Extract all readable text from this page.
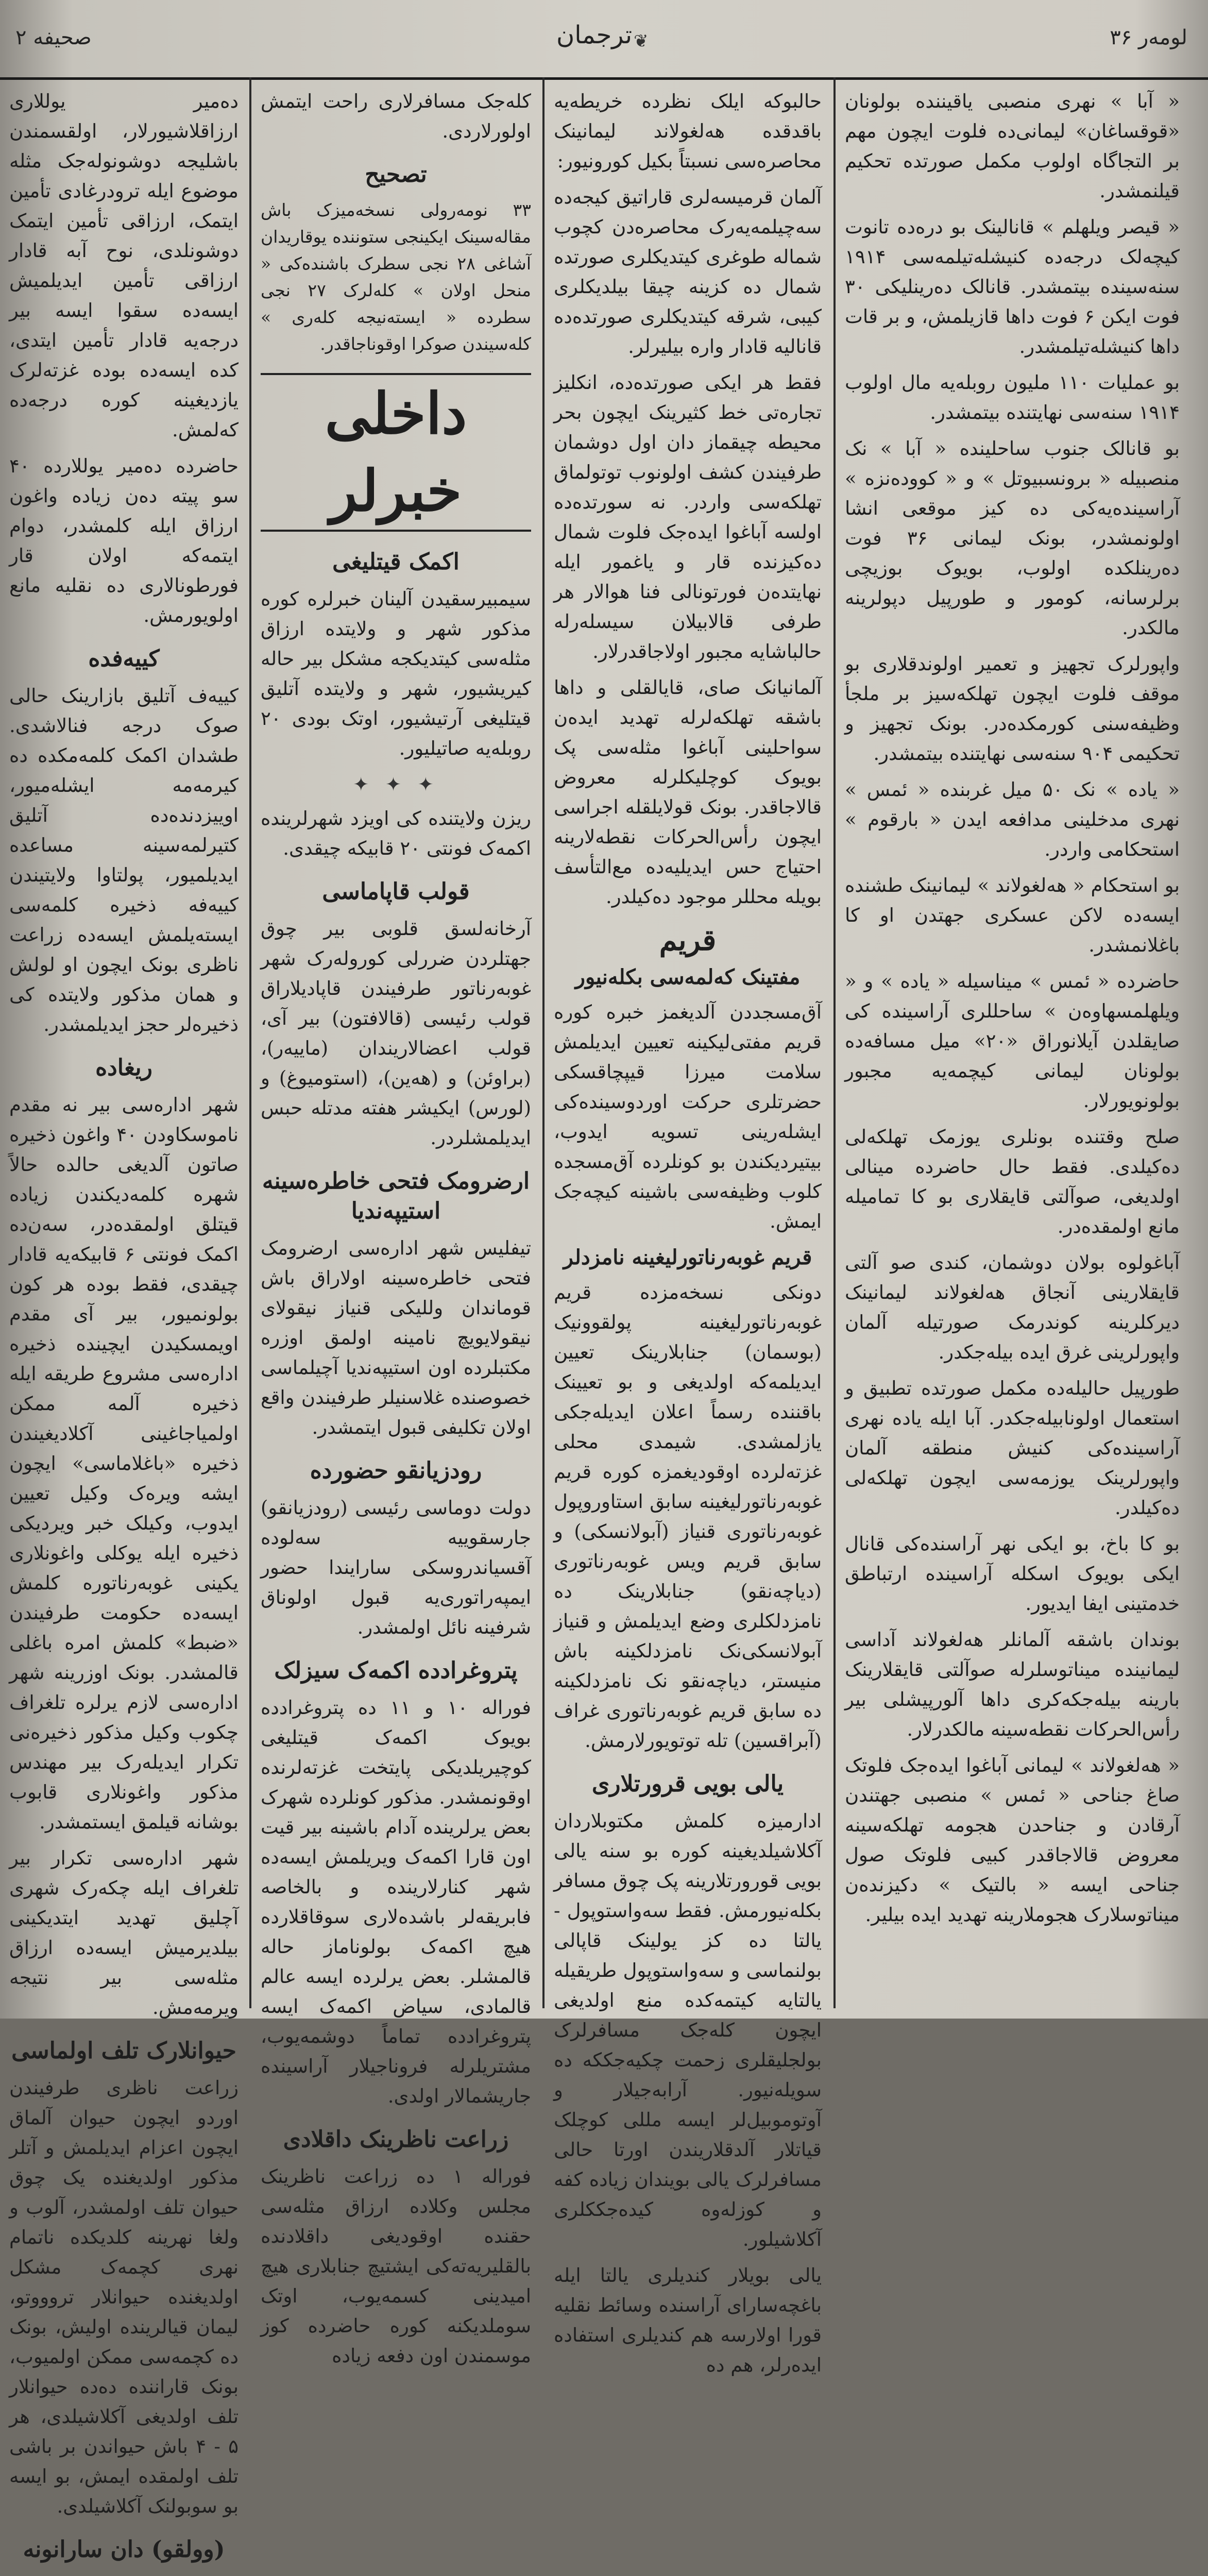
صحیفه ۲	ترجمان ❦	لومه‌ر ۳۶

« آبا » نهری منصبی یاقیننده بولونان «قوقساغان» لیمانی‌ده فلوت ایچون مهم بر التجاگاه اولوب مکمل صورتده تحکیم قیلنمشدر.

« قیصر ویلهلم » قانالینک بو دره‌ده تانوت کیچه‌لک درجه‌ده کنیشله‌تیلمه‌سی ۱۹۱۴ سنه‌سینده بیتمشدر. قانالک ده‌رینلیکی ۳۰ فوت ایکن ۶ فوت داها قازیلمش، و بر قات داها کنیشله‌تیلمشدر.

بو عملیات ۱۱۰ ملیون روبله‌یه مال اولوب ۱۹۱۴ سنه‌سی نهایتنده بیتمشدر.

بو قانالک جنوب ساحلینده « آبا » نک منصبیله « برونسبیوتل » و « کووده‌نزه » آراسینده‌یه‌کی ده کیز موقعی انشا اولونمشدر، بونک لیمانی ۳۶ فوت ده‌رینلکده اولوب، بویوک بوزیچی برلرسانه، کومور و طورپیل دپولرینه مالکدر.

واپورلرک تجهیز و تعمیر اولوندقلاری بو موقف فلوت ایچون تهلکه‌سیز بر ملجأ وظیفه‌سنی کورمکده‌در. بونک تجهیز و تحکیمی ۹۰۴ سنه‌سی نهایتنده بیتمشدر.

« یاده » نک ۵۰ میل غربنده « ئمس » نهری مدخلینی مدافعه ایدن « بارقوم » استحکامی واردر.

بو استحکام « هه‌لغولاند » لیمانینک طشنده ایسه‌ده لاکن عسکری جهتدن او کا باغلانمشدر.

حاضرده « ئمس » میناسیله « یاده » و « ویلهلمسهاوه‌ن » ساحللری آراسینده کی صایقلدن آیلانوراق «۲۰» میل مسافه‌ده بولونان لیمانی کیچمه‌یه مجبور بولونویورلار.

صلح وقتنده بونلری یوزمک تهلکه‌لی ده‌کیلدی. فقط حال حاضرده مینالی اولدیغی، صوآلتی قایقلاری بو کا تمامیله مانع اولمقده‌در.

آباغولوه بولان دوشمان، کندی صو آلتی قایقلارینی آنجاق هه‌لغولاند لیمانینک دیرکلرینه کوندرمک صورتیله آلمان واپورلرینی غرق ایده بیله‌جکدر.

طورپیل حالیله‌ده مکمل صورتده تطبیق و استعمال اولونابیله‌جکدر. آبا ایله یاده نهری آراسینده‌کی کنیش منطقه آلمان واپورلرینک یوزمه‌سی ایچون تهلکه‌لی ده‌کیلدر.

بو کا باخ، بو ایکی نهر آراسنده‌کی قانال ایکی بویوک اسکله آراسینده ارتباطق خدمتینی ایفا ایدیور.

بوندان باشقه آلمانلر هه‌لغولاند آداسی لیمانینده میناتوسلرله صوآلتی قایقلارینک بارینه بیله‌جکه‌کری داها آلورپیشلی بیر رأس‌الحرکات نقطه‌سینه مالکدرلار.

« هه‌لغولاند » لیمانی آباغوا ایده‌جک فلوتک صاغ جناحی « ئمس » منصبی جهتندن آرقادن و جناحدن هجومه تهلکه‌سینه معروض قالاجاقدر کبیی فلوتک صول جناحی ایسه « بالتیک » دکیزنده‌ن میناتوسلارک هجوملارینه تهدید ایده بیلیر.

حالبوکه ایلک نظرده خریطه‌یه باقدقده هه‌لغولاند لیمانینک محاصره‌سی نسبتاً بکیل کورونیور:

آلمان قرمیسه‌لری قاراتیق کیجه‌ده سه‌چیلمه‌یه‌رک محاصره‌دن کچوب شماله طوغری کیتدیکلری صورتده شمال ده کزینه چیقا بیلدیکلری کیبی، شرقه کیتدیکلری صورتده‌ده قانالیه قادار واره بیلیرلر.

فقط هر ایکی صورتده‌ده، انکلیز تجاره‌تی خط کثیرینک ایچون بحر محیطه چیقماز دان اول دوشمان طرفیندن کشف اولونوب توتولماق تهلکه‌سی واردر. نه سورتده‌ده اولسه آباغوا ایده‌جک فلوت شمال ده‌کیزنده قار و یاغمور ایله نهایتده‌ن فورتونالی فنا هوالار هر طرفی قالابیلان سیسله‌رله حالباشایه مجبور اولاجاقدرلار.

آلمانیانک صای، قایالقلی و داها باشقه تهلکه‌لرله تهدید ایده‌ن سواحلینی آباغوا مثله‌سی پک بویوک کوچلیکلرله معروض قالاجاقدر. بونک قولایلقله اجراسی ایچون رأس‌الحرکات نقطه‌لارینه احتیاج حس ایدیلیه‌ده مع‌التأسف بویله محللر موجود ده‌کیلدر.

قریم
مفتینک که‌لمه‌سی بکله‌نیور

آق‌مسجددن آلدیغمز خبره کوره قریم مفتی‌لیکینه تعیین ایدیلمش سلامت میرزا قیپچاقسکی حضرتلری حرکت اوردوسینده‌کی ایشله‌رینی تسویه ایدوب، بیتیردیکندن بو کونلرده آق‌مسجده کلوب وظیفه‌سی باشینه کیچه‌جک ایمش.

قریم غوبه‌رناتورلیغینه نامزدلر

دونکی نسخه‌مزده قریم غوبه‌رناتورلیغینه پولقوونیک (بوسمان) جنابلارینک تعیین ایدیلمه‌که اولدیغی و بو تعیینک باقننده رسماً اعلان ایدیله‌جکی یازلمشدی. شیمدی محلی غزته‌لرده اوقودیغمزه کوره قریم غوبه‌رناتورلیغینه سابق استاوروپول غوبه‌رناتوری قنیاز (آبولانسکی) و سابق قریم ویس غوبه‌رناتوری (دیاچه‌نقو) جنابلارینک ده نامزدلکلری وضع ایدیلمش و قنیاز آبولانسکی‌نک نامزدلکینه باش منیستر، دیاچه‌نقو نک نامزدلکینه ده سابق قریم غوبه‌رناتوری غراف (آبراقسین) تله‌ توتویورلارمش.

یالی بویی قرورتلاری

ادارمیزه کلمش مکتوبلاردان آکلاشیلدیغینه کوره بو سنه یالی بویی قورورتلارینه پک چوق مسافر بکله‌نیورمش. فقط سه‌واستوپول - یالتا ده کز یولینک قاپالی بولنماسی و سه‌واستوپول طریقیله یالتایه کیتمه‌کده منع اولدیغی ایچون کله‌جک مسافرلرک بولجلیقلری زحمت چکیه‌جککه ده سویله‌نیور. آرابه‌جیلار و آوتوموبیل‌لر ایسه مللی کوچلک قیاتلار آلدقلاریندن اورتا حالی مسافرلرک یالی بویندان زیاده کفه و کوزله‌وه کیده‌جککلری آکلاشیلور.

یالی بویلار کندیلری یالتا ایله باغچه‌سارای آراسنده وسائط نقلیه قورا اولارسه هم کندیلری استفاده ایده‌رلر، هم ده

کله‌جک مسافرلاری راحت ایتمش اولورلاردی.

تصحیح

۳۳ نومه‌رولی نسخه‌میزک باش مقاله‌سینک ایکینجی ستوننده یوقاریدان آشاغی ۲۸ نجی سطرک باشنده‌کی « منحل اولان » کله‌لرک ۲۷ نجی سطرده « ایسته‌نیجه کله‌ری » کله‌سیندن صوکرا اوقوناجاقدر.

داخلی خبرلر
اکمک قیتلیغی

سیمبیرسقیدن آلینان خبرلره کوره مذکور شهر و ولایتده ارزاق مثله‌سی کیتدیکجه مشکل بیر حاله کیریشیور، شهر و ولایتده آتلیق قیتلیغی آرتیشیور، اوتک بودی ۲۰ روبله‌یه صاتیلیور.

✦ ✦ ✦

ریزن ولایتنده کی اویزد شهرلرینده اکمه‌ک فونتی ۲۰ قابیکه چیقدی.

قولب قاپاماسی

آرخانه‌لسق قلوبی بیر چوق جهتلردن ضررلی کوروله‌رک شهر غوبه‌رناتور طرفیندن قاپادیلاراق قولب رئیسی (قالافتون) بیر آی، قولب اعضالاریندان (ماییه‌ر)، (براوئن) و (هه‌ین)، (استومیوغ) و (لورس) ایکیشر هفته مدتله حبس ایدیلمشلردر.

ارضرومک فتحی خاطره‌سینه استیپه‌ندیا

تیفلیس شهر اداره‌سی ارضرومک فتحی خاطره‌سینه اولاراق باش قوماندان وللیکی قنیاز نیقولای نیقولایویچ نامینه اولمق اوزره مکتبلرده اون استیپه‌ندیا آچیلماسی خصوصنده غلاسنیلر طرفیندن واقع اولان تکلیفی قبول ایتمشدر.

رودزیانقو حضورده

دولت دوماسی رئیسی (رودزیانقو) جارسقوییه سه‌لوده آقسیاندروسکی سارایندا حضور ایمپه‌راتوری‌یه قبول اولوناق شرفینه نائل اولمشدر.

پتروغرادده اکمه‌ک سیزلک

فوراله ۱۰ و ۱۱ ده پتروغرادده بویوک اکمه‌ک قیتلیغی کوچیریلدیکی پایتخت غزته‌لرنده اوقونمشدر. مذکور کونلرده شهرک بعض یرلرینده آدام باشینه بیر قیت اون قارا اکمه‌ک ویریلمش ایسه‌ده شهر کنارلارینده و بالخاصه فابریقه‌لر باشده‌لاری سوقاقلارده هیچ اکمه‌ک بولوناماز حاله قالمشلر. بعض یرلرده ایسه عالم قالمادی، سیاض اکمه‌ک ایسه پتروغرادده تماماً دوشمه‌یوب، مشتریلرله فروناجیلار آراسینده جاریشمالار اولدی.

زراعت ناظرینک داقلادی

فوراله ۱ ده زراعت ناظرینک مجلس وکلاده ارزاق مثله‌سی حقنده اوقودیغی داقلادنده بالقلیریه‌ته‌کی ایشتیچ جنابلاری هیچ امیدینی کسمه‌یوب، اوتک سوملدیکنه کوره حاضرده کوز موسمندن اون دفعه زیاده

ده‌میر یوللاری ارزاقلاشیورلار، اولقسمندن باشلیجه دوشونوله‌جک مثله موضوع ایله ترودرغادی تأمین ایتمک، ارزاقی تأمین ایتمک دوشونلدی، نوح آبه قادار ارزاقی تأمین ایدیلمیش ایسه‌ده سقوا ایسه بیر درجه‌یه قادار تأمین ایتدی، کده ایسه‌ده بوده غزته‌لرک یازدیغینه کوره درجه‌ده که‌لمش.

حاضرده ده‌میر یوللارده ۴۰ سو پیته ده‌ن زیاده واغون ارزاق ایله کلمشدر، دوام ایتمه‌که اولان قار فورطونالاری ده نقلیه مانع اولویورمش.

کییه‌فده

کییه‌ف آتلیق بازارینک حالی صوک درجه فنالاشدی. طشدان اکمک کلمه‌مکده ده کیرمه‌مه ایشله‌میور، اوییزدنده‌ده آتلیق کتیرلمه‌سینه مساعده ایدیلمیور، پولتاوا ولایتیندن کییه‌فه ذخیره کلمه‌سی ایسته‌یلمش ایسه‌ده زراعت ناظری بونک ایچون او لولش و همان مذکور ولایتده کی ذخیره‌لر حجز ایدیلمشدر.

ریغاده

شهر اداره‌سی بیر نه مقدم ناموسکاودن ۴۰ واغون ذخیره صاتون آلدیغی حالده حالاً شهره کلمه‌دیکندن زیاده قیتلق اولمقده‌در، سه‌ن‌ده اکمک فونتی ۶ قابیکه‌یه قادار چیقدی، فقط بوده هر کون بولونمیور، بیر آی مقدم اویمسکیدن ایچینده ذخیره اداره‌سی مشروع طریقه ایله ذخیره آلمه ممکن اولمیاجاغینی آکلادیغیندن ذخیره «باغلاماسی» ایچون ایشه‌ ویره‌ک وکیل تعیین ایدوب، وکیلک خبر ویردیکی ذخیره ایله یوکلی واغونلاری یکینی غوبه‌رناتوره کلمش ایسه‌ده حکومت طرفیندن «ضبط» کلمش امره باغلی قالمشدر. بونک اوزرینه شهر اداره‌سی لازم یرلره تلغراف چکوب وکیل مذکور ذخیره‌نی تکرار ایدیله‌رک بیر مهندس مذکور واغونلاری قابوب بوشانه قیلمق ایستمشدر.

شهر اداره‌سی تکرار بیر تلغراف ایله چکه‌رک شهری آچلیق تهدید ایتدیکینی بیلدیرمیش ایسه‌ده ارزاق مثله‌سی بیر نتیجه ویرمه‌مش.

حیوانلارک تلف اولماسی

زراعت ناظری طرفیندن اوردو ایچون حیوان آلماق ایچون اعزام ایدیلمش و آتلر مذکور اولدیغنده یک چوق حیوان تلف اولمشدر، آلوب و ولغا نهرینه کلدیکده ناتمام نهری کچمه‌ک مشکل اولدیغنده حیوانلار تروووتو، لیمان قیالرینده اولیش، بونک ده کچمه‌سی ممکن اولمیوب، بونک قاراننده ده‌ده حیوانلار تلف اولدیغی آکلاشیلدی، هر ۵ - ۴ باش حیواندن بر باشی تلف اولمقده ایمش، بو ایسه بو سوبولنک آکلاشیلدی.

(وولقو) دان سارانونه
